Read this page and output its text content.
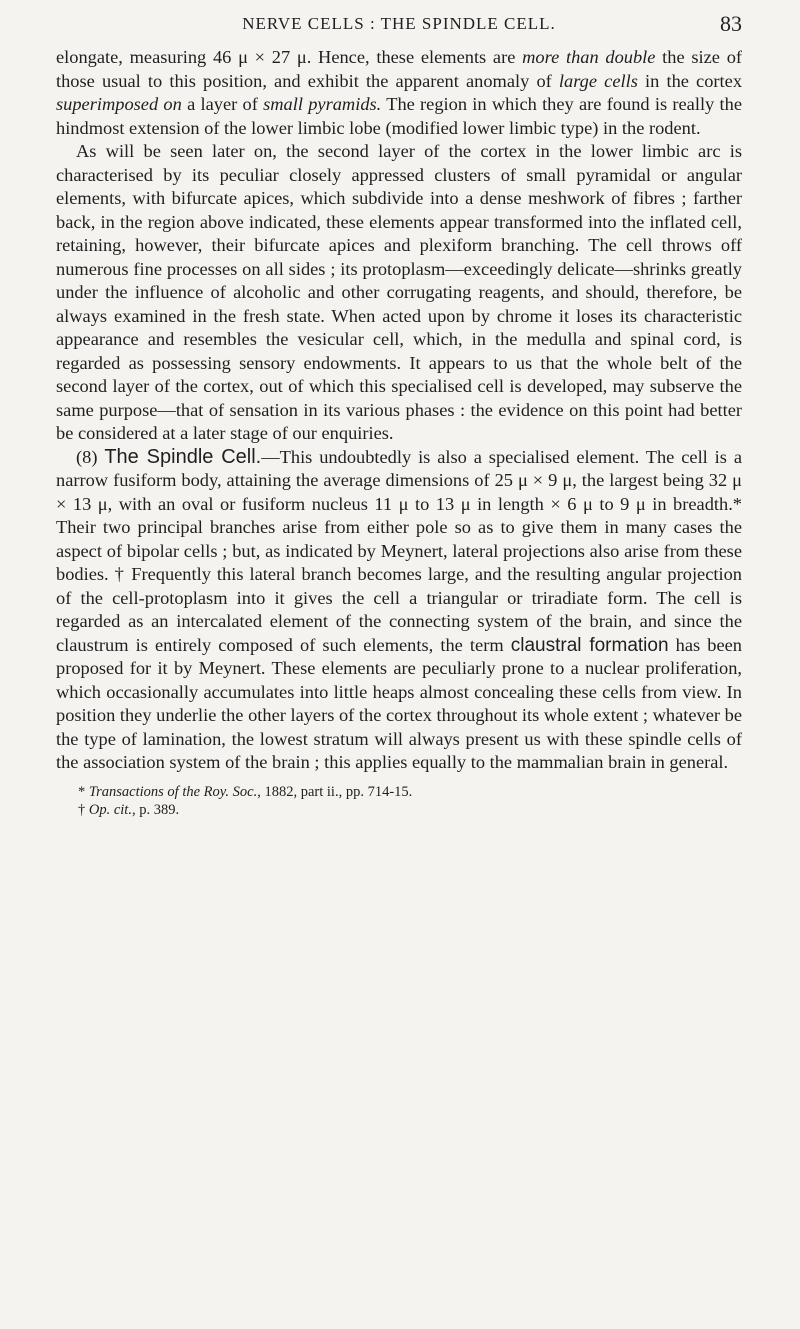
NERVE CELLS : THE SPINDLE CELL.	83

elongate, measuring 46 μ × 27 μ. Hence, these elements are more than double the size of those usual to this position, and exhibit the apparent anomaly of large cells in the cortex superimposed on a layer of small pyramids. The region in which they are found is really the hindmost extension of the lower limbic lobe (modified lower limbic type) in the rodent.

As will be seen later on, the second layer of the cortex in the lower limbic arc is characterised by its peculiar closely appressed clusters of small pyramidal or angular elements, with bifurcate apices, which subdivide into a dense meshwork of fibres ; farther back, in the region above indicated, these elements appear transformed into the inflated cell, retaining, however, their bifurcate apices and plexiform branching. The cell throws off numerous fine processes on all sides ; its protoplasm—exceedingly delicate—shrinks greatly under the influence of alcoholic and other corrugating reagents, and should, therefore, be always examined in the fresh state. When acted upon by chrome it loses its characteristic appearance and resembles the vesicular cell, which, in the medulla and spinal cord, is regarded as possessing sensory endowments. It appears to us that the whole belt of the second layer of the cortex, out of which this specialised cell is developed, may subserve the same purpose—that of sensation in its various phases : the evidence on this point had better be considered at a later stage of our enquiries.

(8) The Spindle Cell.—This undoubtedly is also a specialised element. The cell is a narrow fusiform body, attaining the average dimensions of 25 μ × 9 μ, the largest being 32 μ × 13 μ, with an oval or fusiform nucleus 11 μ to 13 μ in length × 6 μ to 9 μ in breadth.* Their two principal branches arise from either pole so as to give them in many cases the aspect of bipolar cells ; but, as indicated by Meynert, lateral projections also arise from these bodies. † Frequently this lateral branch becomes large, and the resulting angular projection of the cell-protoplasm into it gives the cell a triangular or triradiate form. The cell is regarded as an intercalated element of the connecting system of the brain, and since the claustrum is entirely composed of such elements, the term claustral formation has been proposed for it by Meynert. These elements are peculiarly prone to a nuclear proliferation, which occasionally accumulates into little heaps almost concealing these cells from view. In position they underlie the other layers of the cortex throughout its whole extent ; whatever be the type of lamination, the lowest stratum will always present us with these spindle cells of the association system of the brain ; this applies equally to the mammalian brain in general.

* Transactions of the Roy. Soc., 1882, part ii., pp. 714-15.
† Op. cit., p. 389.
